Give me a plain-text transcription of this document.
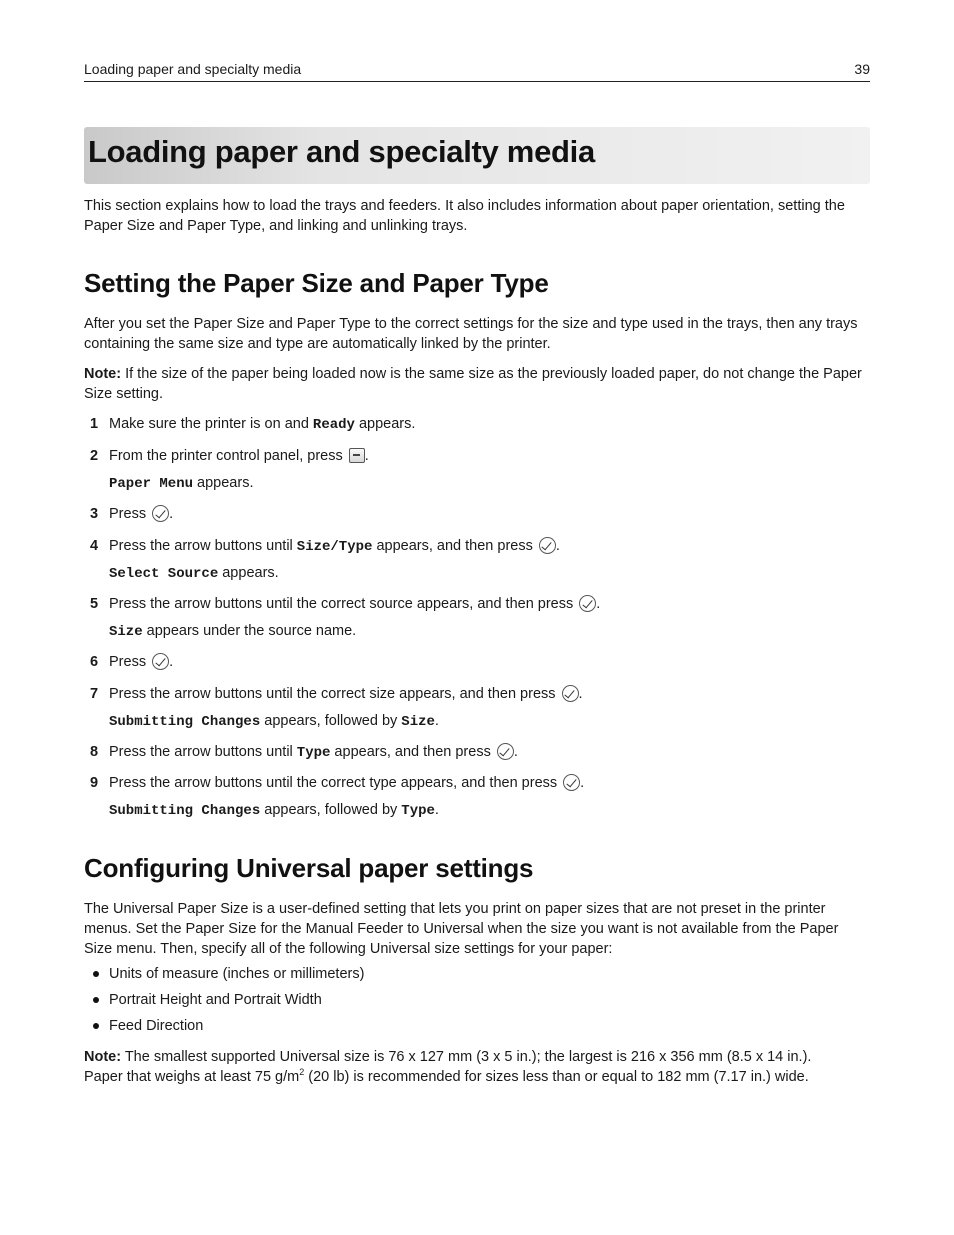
Loading paper and specialty media	39
Loading paper and specialty media
This section explains how to load the trays and feeders. It also includes information about paper orientation, setting the Paper Size and Paper Type, and linking and unlinking trays.
Setting the Paper Size and Paper Type
After you set the Paper Size and Paper Type to the correct settings for the size and type used in the trays, then any trays containing the same size and type are automatically linked by the printer.
Note: If the size of the paper being loaded now is the same size as the previously loaded paper, do not change the Paper Size setting.
1 Make sure the printer is on and Ready appears.
2 From the printer control panel, press .
Paper Menu appears.
3 Press .
4 Press the arrow buttons until Size/Type appears, and then press .
Select Source appears.
5 Press the arrow buttons until the correct source appears, and then press .
Size appears under the source name.
6 Press .
7 Press the arrow buttons until the correct size appears, and then press .
Submitting Changes appears, followed by Size.
8 Press the arrow buttons until Type appears, and then press .
9 Press the arrow buttons until the correct type appears, and then press .
Submitting Changes appears, followed by Type.
Configuring Universal paper settings
The Universal Paper Size is a user-defined setting that lets you print on paper sizes that are not preset in the printer menus. Set the Paper Size for the Manual Feeder to Universal when the size you want is not available from the Paper Size menu. Then, specify all of the following Universal size settings for your paper:
Units of measure (inches or millimeters)
Portrait Height and Portrait Width
Feed Direction
Note: The smallest supported Universal size is 76 x 127 mm (3 x 5 in.); the largest is 216 x 356 mm (8.5 x 14 in.).
Paper that weighs at least 75 $g/m^2$ (20 lb) is recommended for sizes less than or equal to 182 mm (7.17 in.) wide.
